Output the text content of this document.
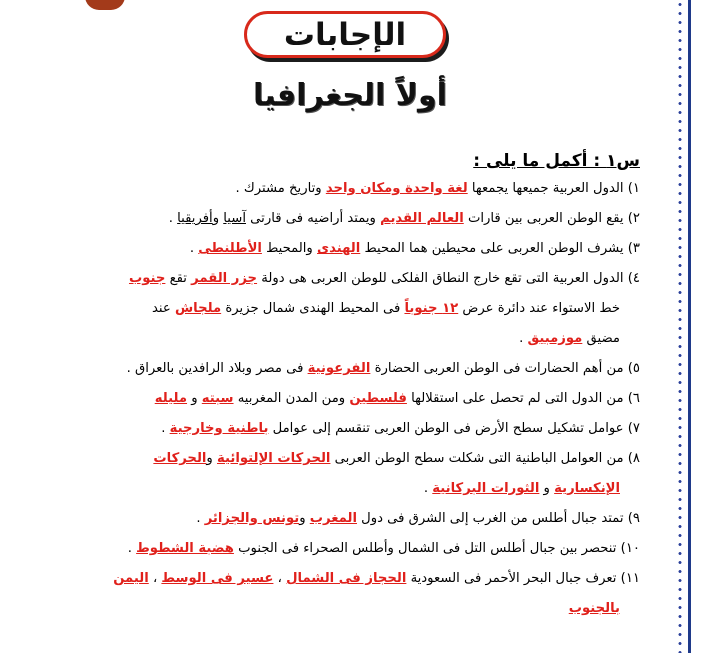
الإجابات
أولاً الجغرافيا
س١ : أكمل ما يلى :
١) الدول العربية جميعها يجمعها لغة واحدة ومكان واحد وتاريخ مشترك .
٢) يقع الوطن العربى بين قارات العالم القديم ويمتد أراضيه فى قارتى آسيا وأفريقيا .
٣) يشرف الوطن العربى على محيطين هما المحيط الهندى والمحيط الأطلنطى .
٤) الدول العربية التى تقع خارج النطاق الفلكى للوطن العربى هى دولة جزر القمر تقع جنوب
خط الاستواء عند دائرة عرض ١٢ جنوباً فى المحيط الهندى شمال جزيرة ملجاش عند
مضيق موزمبيق .
٥) من أهم الحضارات فى الوطن العربى الحضارة الفرعونية فى مصر وبلاد الرافدين بالعراق .
٦) من الدول التى لم تحصل على استقلالها فلسطين ومن المدن المغربيه سبته و مليله
٧) عوامل تشكيل سطح الأرض فى الوطن العربى تنقسم إلى عوامل باطنية وخارجية .
٨) من العوامل الباطنية التى شكلت سطح الوطن العربى الحركات الإلتوائية والحركات
الإنكسارية و الثورات البركانية .
٩) تمتد جبال أطلس من الغرب إلى الشرق فى دول المغرب وتونس والجزائر .
١٠) تنحصر بين جبال أطلس التل فى الشمال وأطلس الصحراء فى الجنوب هضبة الشطوط .
١١) تعرف جبال البحر الأحمر فى السعودية الحجاز فى الشمال ، عسير فى الوسط ، اليمن
بالجنوب
